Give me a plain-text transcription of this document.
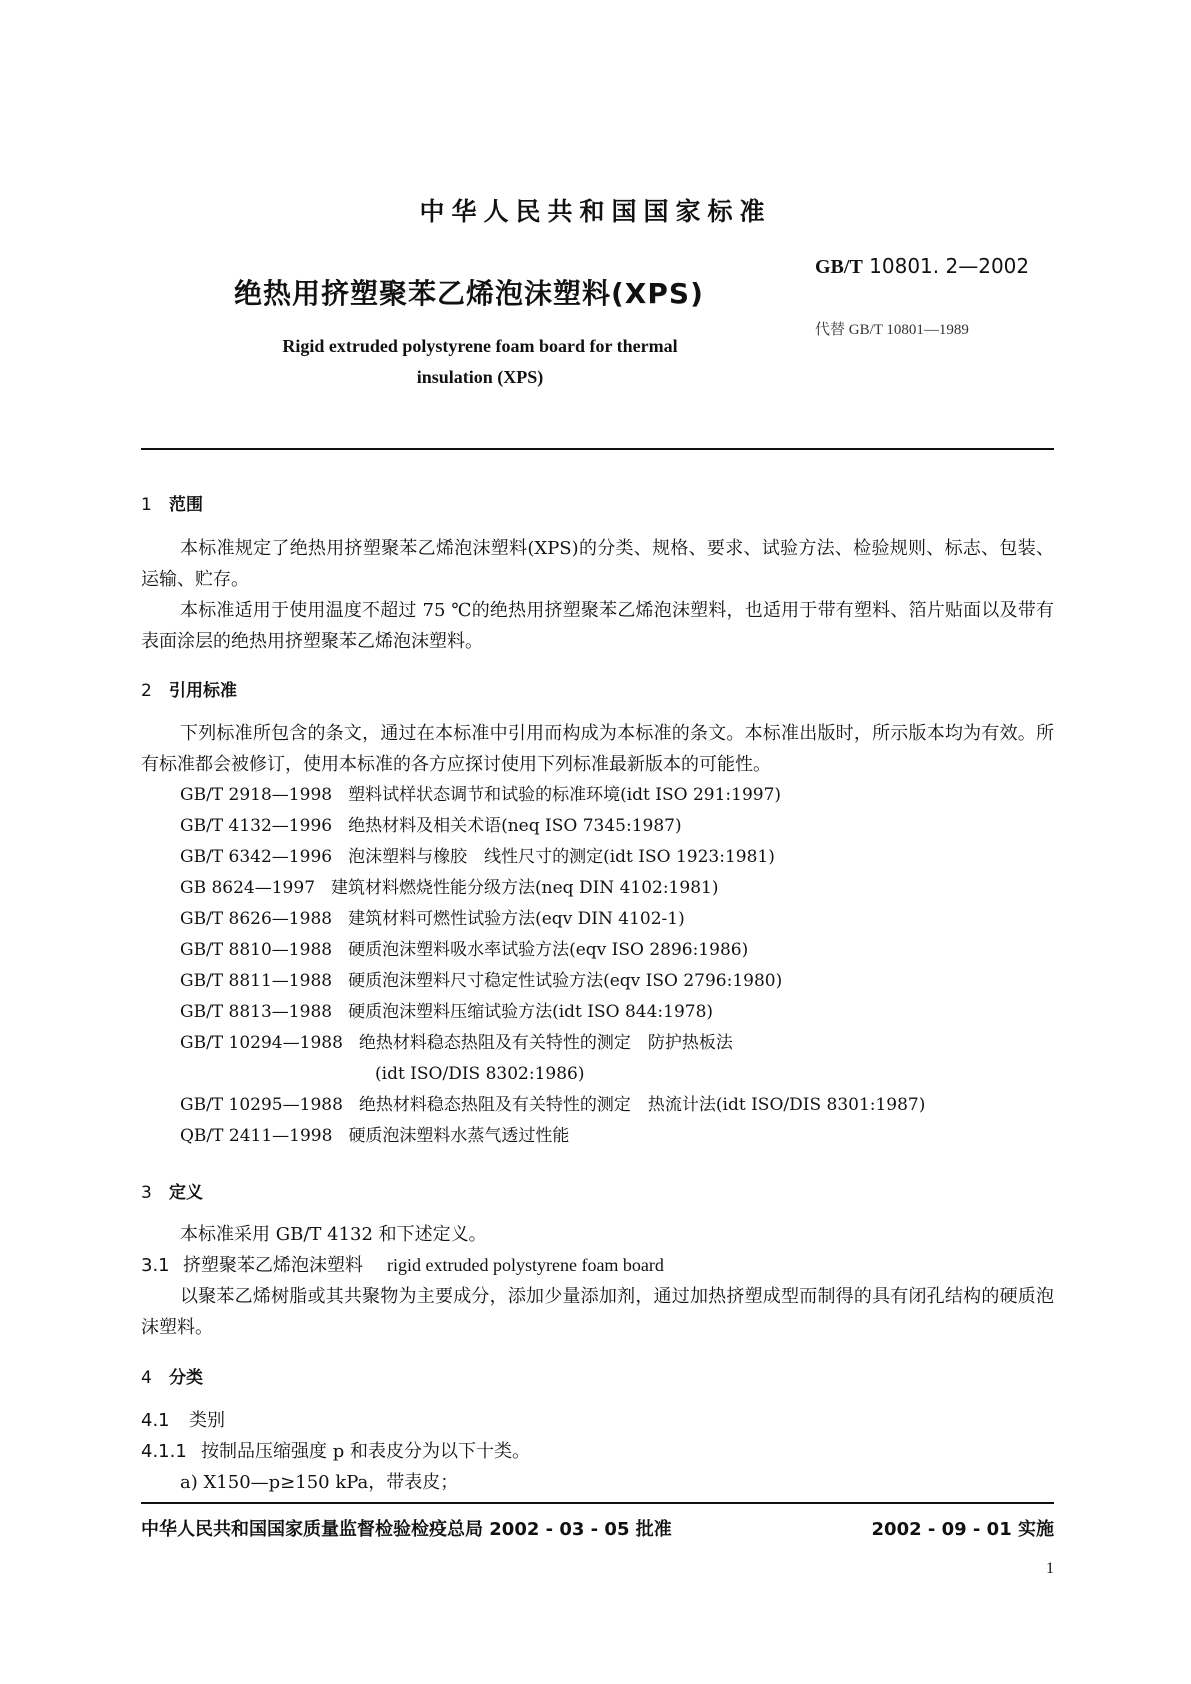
中华人民共和国国家标准
GB/T 10801. 2—2002
代替 GB/T 10801—1989
绝热用挤塑聚苯乙烯泡沫塑料(XPS)
Rigid extruded polystyrene foam board for thermal
insulation (XPS)
1 范围
本标准规定了绝热用挤塑聚苯乙烯泡沫塑料(XPS)的分类、规格、要求、试验方法、检验规则、标志、包装、运输、贮存。
本标准适用于使用温度不超过 75 ℃的绝热用挤塑聚苯乙烯泡沫塑料，也适用于带有塑料、箔片贴面以及带有表面涂层的绝热用挤塑聚苯乙烯泡沫塑料。
2 引用标准
下列标准所包含的条文，通过在本标准中引用而构成为本标准的条文。本标准出版时，所示版本均为有效。所有标准都会被修订，使用本标准的各方应探讨使用下列标准最新版本的可能性。
GB/T 2918—1998 塑料试样状态调节和试验的标准环境(idt ISO 291:1997)
GB/T 4132—1996 绝热材料及相关术语(neq ISO 7345:1987)
GB/T 6342—1996 泡沫塑料与橡胶　线性尺寸的测定(idt ISO 1923:1981)
GB 8624—1997 建筑材料燃烧性能分级方法(neq DIN 4102:1981)
GB/T 8626—1988 建筑材料可燃性试验方法(eqv DIN 4102-1)
GB/T 8810—1988 硬质泡沫塑料吸水率试验方法(eqv ISO 2896:1986)
GB/T 8811—1988 硬质泡沫塑料尺寸稳定性试验方法(eqv ISO 2796:1980)
GB/T 8813—1988 硬质泡沫塑料压缩试验方法(idt ISO 844:1978)
GB/T 10294—1988 绝热材料稳态热阻及有关特性的测定　防护热板法
(idt ISO/DIS 8302:1986)
GB/T 10295—1988 绝热材料稳态热阻及有关特性的测定　热流计法(idt ISO/DIS 8301:1987)
QB/T 2411—1998 硬质泡沫塑料水蒸气透过性能
3 定义
本标准采用 GB/T 4132 和下述定义。
3.1 挤塑聚苯乙烯泡沫塑料 rigid extruded polystyrene foam board
以聚苯乙烯树脂或其共聚物为主要成分，添加少量添加剂，通过加热挤塑成型而制得的具有闭孔结构的硬质泡沫塑料。
4 分类
4.1 类别
4.1.1 按制品压缩强度 p 和表皮分为以下十类。
a) X150—p≥150 kPa，带表皮；
中华人民共和国国家质量监督检验检疫总局 2002 - 03 - 05 批准	2002 - 09 - 01 实施
1
